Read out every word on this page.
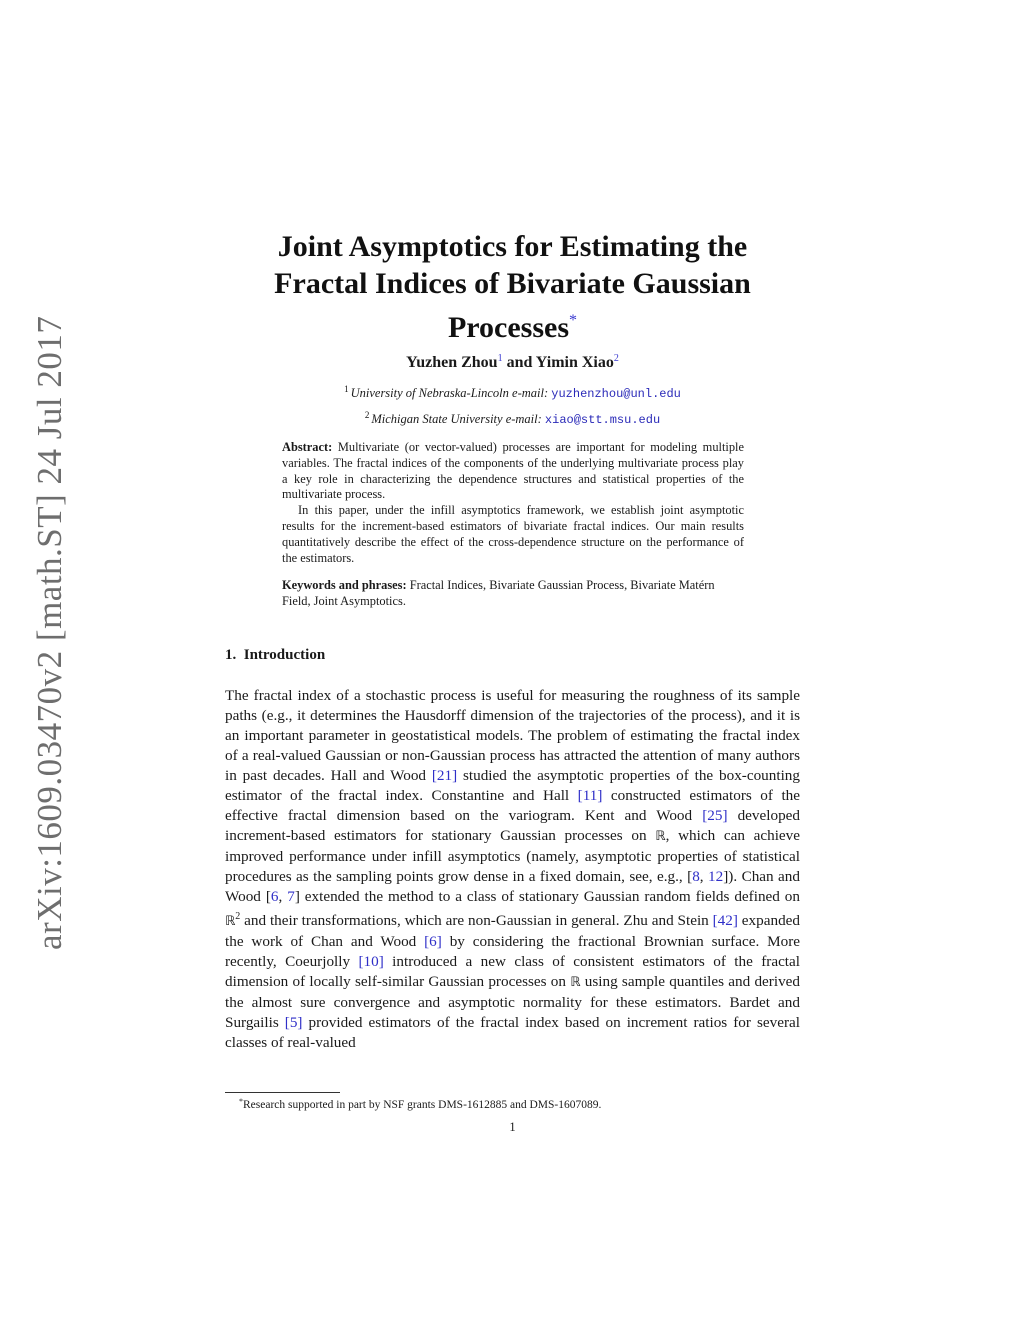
arXiv:1609.03470v2 [math.ST] 24 Jul 2017
Joint Asymptotics for Estimating the
Fractal Indices of Bivariate Gaussian
Processes*
Yuzhen Zhou$^1$ and Yimin Xiao$^2$
$^1$ University of Nebraska-Lincoln e-mail: yuzhenzhou@unl.edu
$^2$ Michigan State University e-mail: xiao@stt.msu.edu

Abstract: Multivariate (or vector-valued) processes are important for modeling multiple variables. The fractal indices of the components of the underlying multivariate process play a key role in characterizing the dependence structures and statistical properties of the multivariate process.

In this paper, under the infill asymptotics framework, we establish joint asymptotic results for the increment-based estimators of bivariate fractal indices. Our main results quantitatively describe the effect of the cross-dependence structure on the performance of the estimators.

Keywords and phrases: Fractal Indices, Bivariate Gaussian Process, Bivariate Matérn Field, Joint Asymptotics.
1.  Introduction

The fractal index of a stochastic process is useful for measuring the roughness of its sample paths (e.g., it determines the Hausdorff dimension of the trajectories of the process), and it is an important parameter in geostatistical models. The problem of estimating the fractal index of a real-valued Gaussian or non-Gaussian process has attracted the attention of many authors in past decades. Hall and Wood [21] studied the asymptotic properties of the box-counting estimator of the fractal index. Constantine and Hall [11] constructed estimators of the effective fractal dimension based on the variogram. Kent and Wood [25] developed increment-based estimators for stationary Gaussian processes on ℝ, which can achieve improved performance under infill asymptotics (namely, asymptotic properties of statistical procedures as the sampling points grow dense in a fixed domain, see, e.g., [8, 12]). Chan and Wood [6, 7] extended the method to a class of stationary Gaussian random fields defined on ℝ$^2$ and their transformations, which are non-Gaussian in general. Zhu and Stein [42] expanded the work of Chan and Wood [6] by considering the fractional Brownian surface. More recently, Coeurjolly [10] introduced a new class of consistent estimators of the fractal dimension of locally self-similar Gaussian processes on ℝ using sample quantiles and derived the almost sure convergence and asymptotic normality for these estimators. Bardet and Surgailis [5] provided estimators of the fractal index based on increment ratios for several classes of real-valued

*Research supported in part by NSF grants DMS-1612885 and DMS-1607089.
1
